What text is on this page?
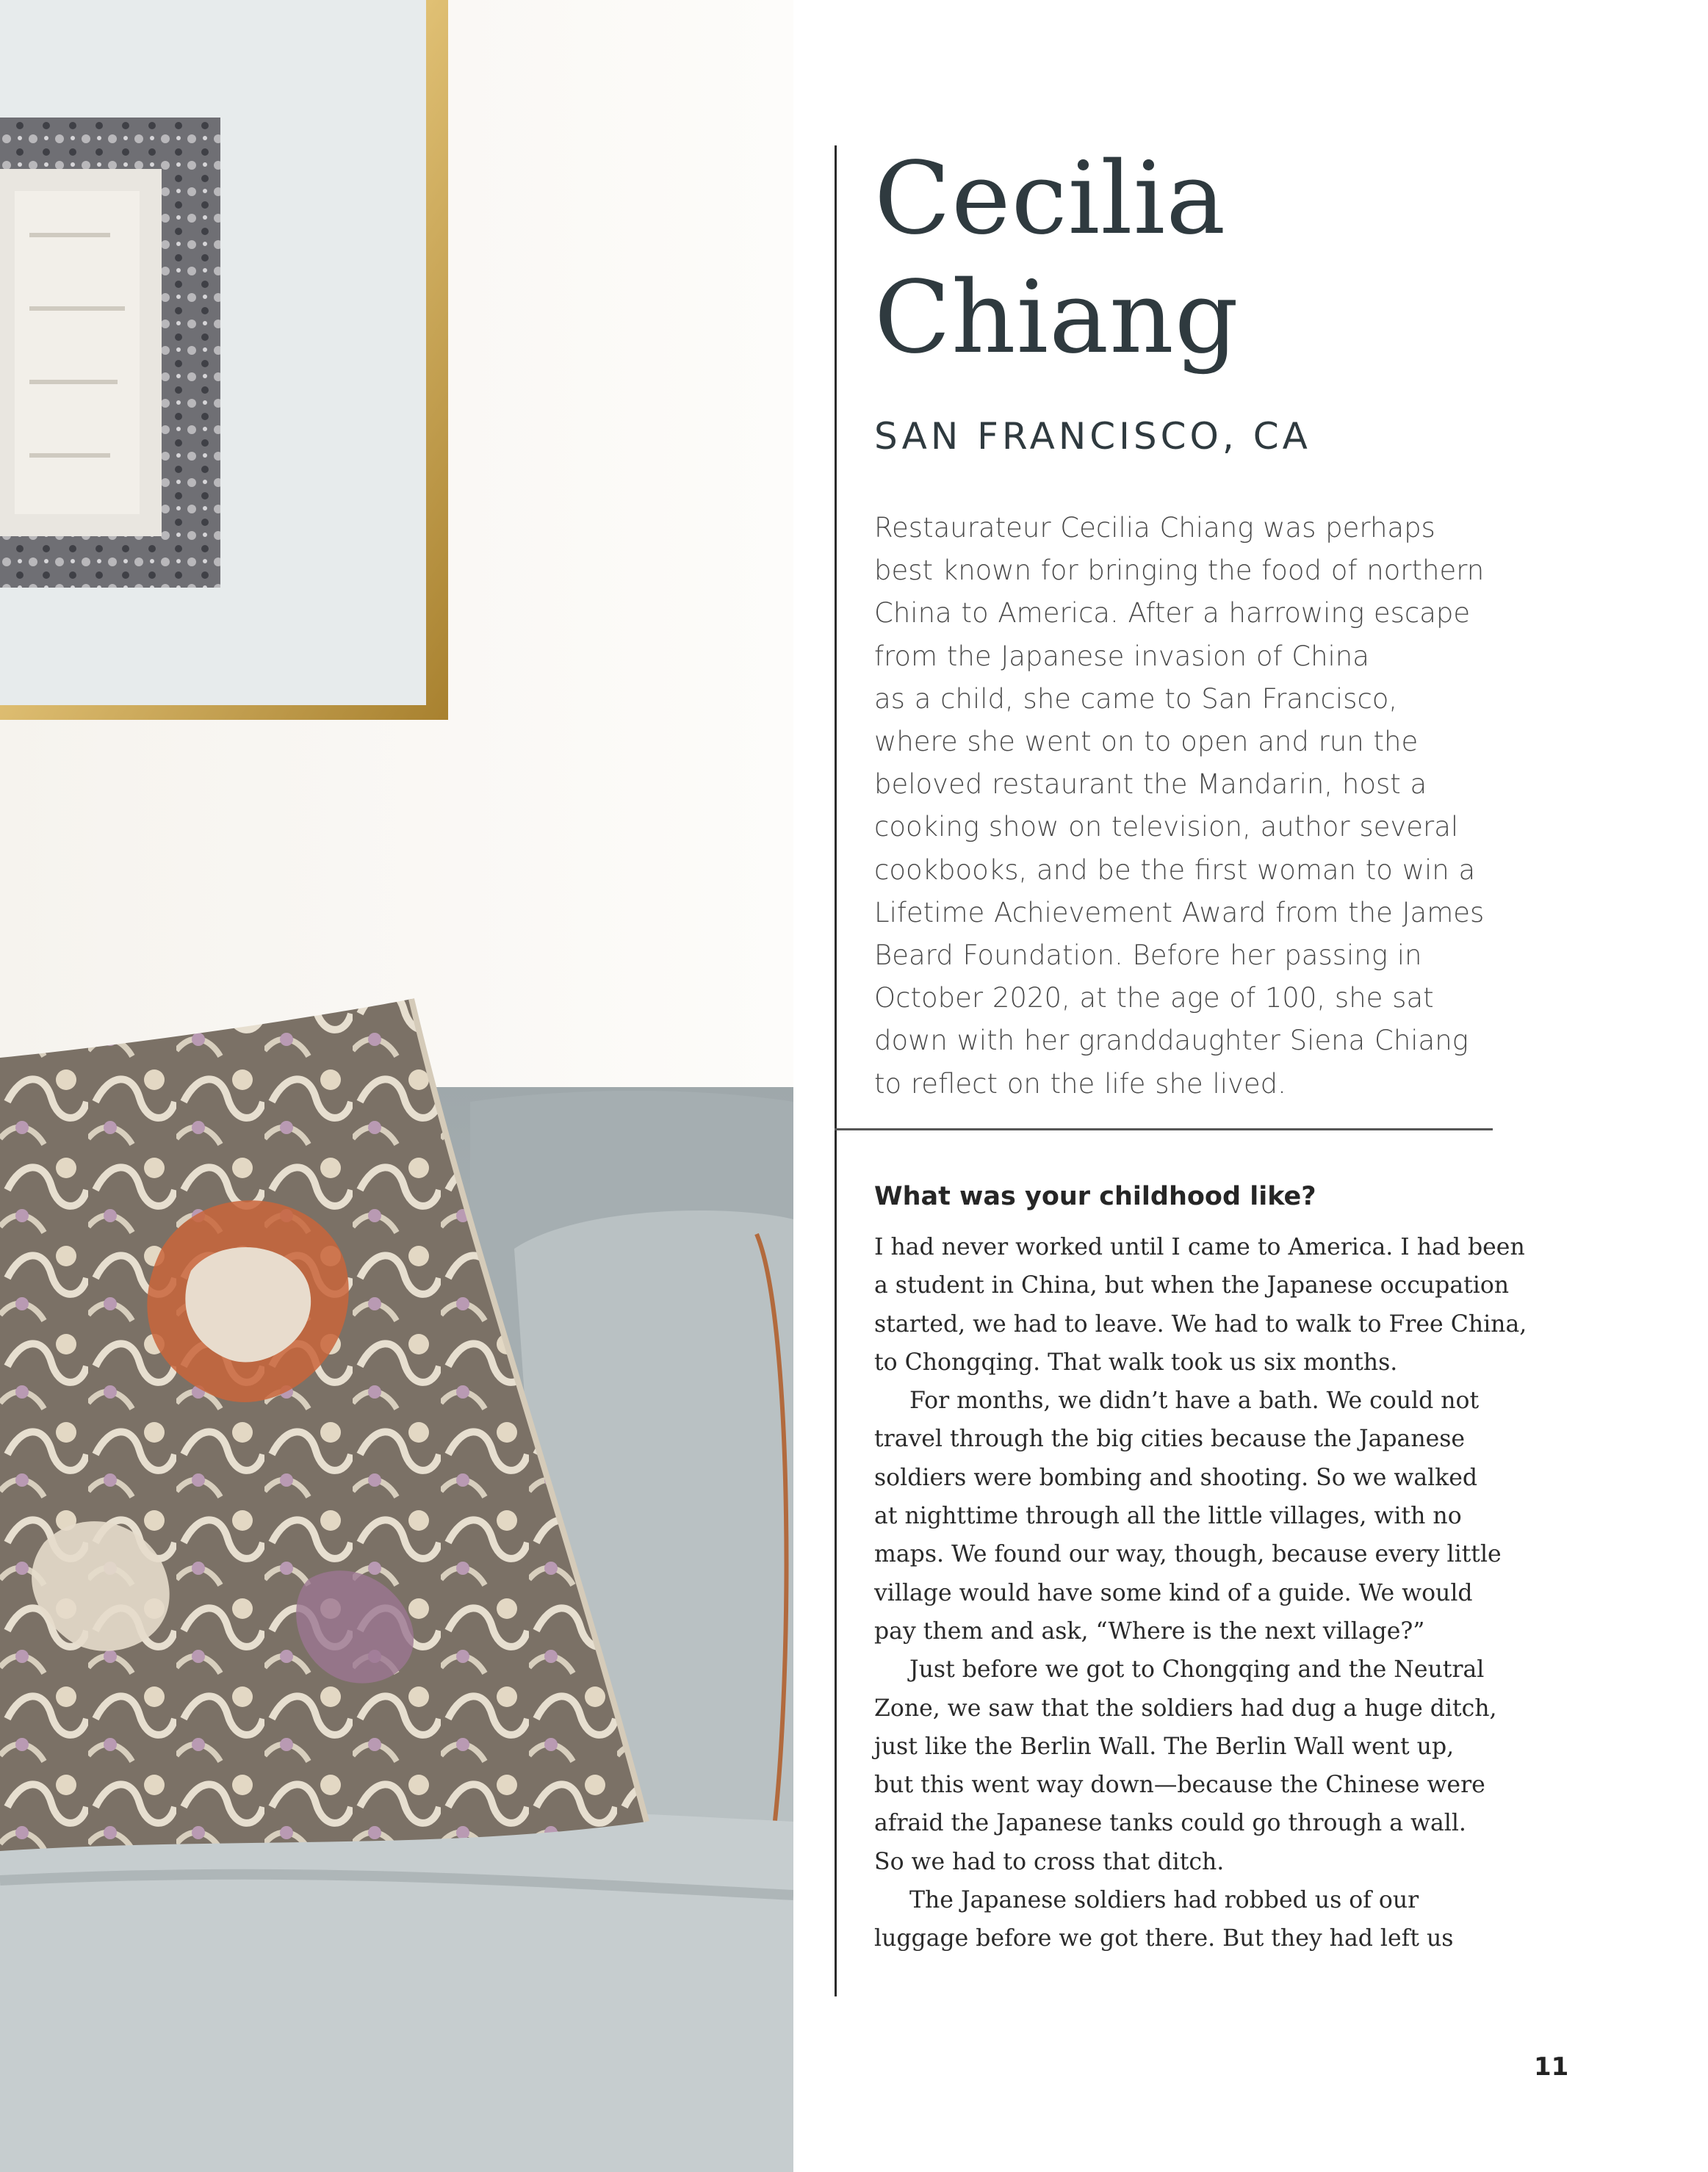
Cecilia
Chiang
SAN FRANCISCO, CA

Restaurateur Cecilia Chiang was perhaps
best known for bringing the food of northern
China to America. After a harrowing escape
from the Japanese invasion of China
as a child, she came to San Francisco,
where she went on to open and run the
beloved restaurant the Mandarin, host a
cooking show on television, author several
cookbooks, and be the first woman to win a
Lifetime Achievement Award from the James
Beard Foundation. Before her passing in
October 2020, at the age of 100, she sat
down with her granddaughter Siena Chiang
to reflect on the life she lived.

What was your childhood like?
I had never worked until I came to America. I had been
a student in China, but when the Japanese occupation
started, we had to leave. We had to walk to Free China,
to Chongqing. That walk took us six months.
For months, we didn’t have a bath. We could not
travel through the big cities because the Japanese
soldiers were bombing and shooting. So we walked
at nighttime through all the little villages, with no
maps. We found our way, though, because every little
village would have some kind of a guide. We would
pay them and ask, “Where is the next village?”
Just before we got to Chongqing and the Neutral
Zone, we saw that the soldiers had dug a huge ditch,
just like the Berlin Wall. The Berlin Wall went up,
but this went way down—because the Chinese were
afraid the Japanese tanks could go through a wall.
So we had to cross that ditch.
The Japanese soldiers had robbed us of our
luggage before we got there. But they had left us
11
